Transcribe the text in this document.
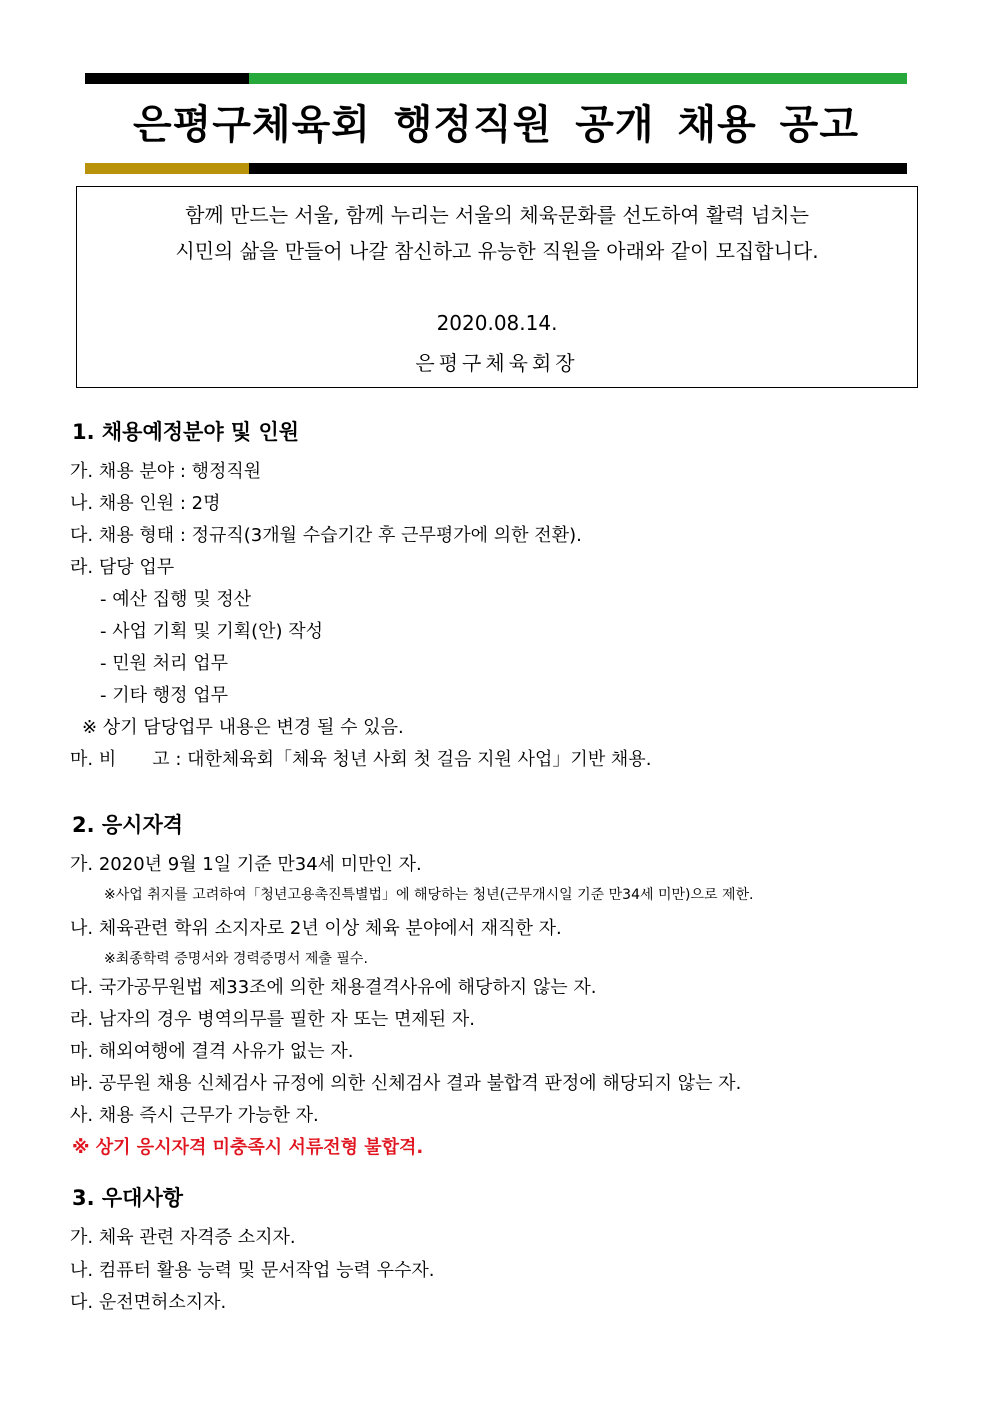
은평구체육회 행정직원 공개 채용 공고
함께 만드는 서울, 함께 누리는 서울의 체육문화를 선도하여 활력 넘치는
시민의 삶을 만들어 나갈 참신하고 유능한 직원을 아래와 같이 모집합니다.
2020.08.14.
은평구체육회장
1. 채용예정분야 및 인원
가. 채용 분야 : 행정직원
나. 채용 인원 : 2명
다. 채용 형태 : 정규직(3개월 수습기간 후 근무평가에 의한 전환).
라. 담당 업무
- 예산 집행 및 정산
- 사업 기획 및 기획(안) 작성
- 민원 처리 업무
- 기타 행정 업무
※ 상기 담당업무 내용은 변경 될 수 있음.
마. 비　　고 : 대한체육회「체육 청년 사회 첫 걸음 지원 사업」기반 채용.
2. 응시자격
가. 2020년 9월 1일 기준 만34세 미만인 자.
※사업 취지를 고려하여「청년고용촉진특별법」에 해당하는 청년(근무개시일 기준 만34세 미만)으로 제한.
나. 체육관련 학위 소지자로 2년 이상 체육 분야에서 재직한 자.
※최종학력 증명서와 경력증명서 제출 필수.
다. 국가공무원법 제33조에 의한 채용결격사유에 해당하지 않는 자.
라. 남자의 경우 병역의무를 필한 자 또는 면제된 자.
마. 해외여행에 결격 사유가 없는 자.
바. 공무원 채용 신체검사 규정에 의한 신체검사 결과 불합격 판정에 해당되지 않는 자.
사. 채용 즉시 근무가 가능한 자.
※ 상기 응시자격 미충족시 서류전형 불합격.
3. 우대사항
가. 체육 관련 자격증 소지자.
나. 컴퓨터 활용 능력 및 문서작업 능력 우수자.
다. 운전면허소지자.
